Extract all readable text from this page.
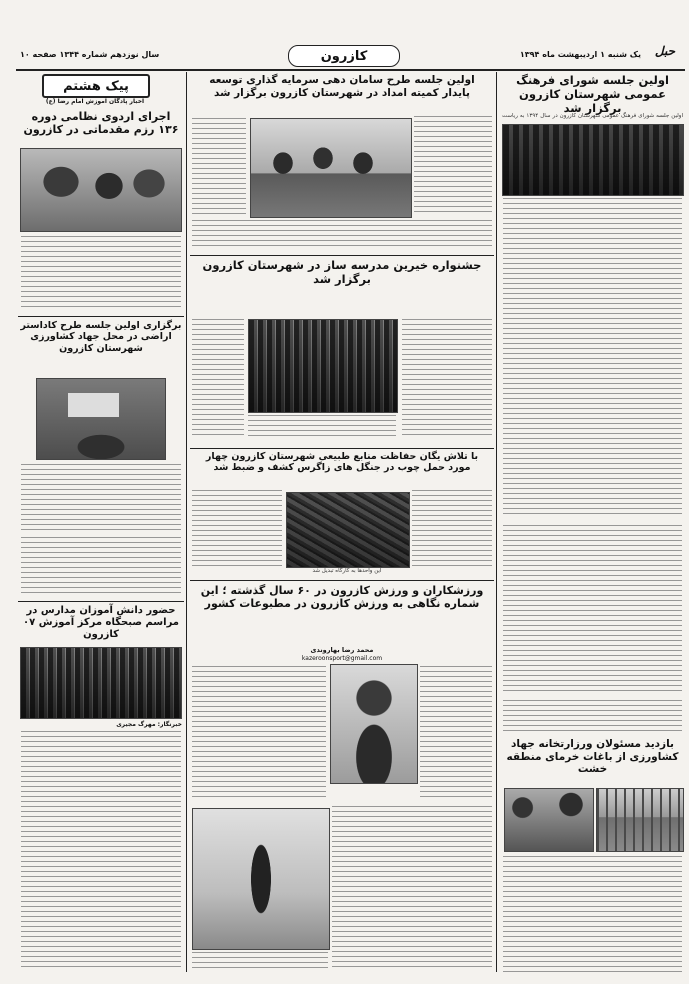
حبل
یک شنبه ۱ اردیبهشت ماه ۱۳۹۴
کازرون
سال نوزدهم شماره ۱۳۴۴ صفحه ۱۰
اولین جلسه شورای فرهنگ عمومی شهرستان کازرون برگزار شد
اولین جلسه شورای فرهنگ عمومی شهرستان کازرون در سال ۱۳۹۴ به ریاست
بازدید مسئولان ورزارتخانه جهاد کشاورزی از باغات خرمای منطقه خشت
اولین جلسه طرح سامان دهی سرمایه گذاری توسعه پایدار کمیته امداد در شهرستان کازرون برگزار شد
جشنواره خیرین مدرسه ساز در شهرستان کازرون برگزار شد
با تلاش یگان حفاظت منابع طبیعی شهرستان کازرون چهار مورد حمل چوب در جنگل های زاگرس کشف و ضبط شد
این واحدها به کارگاه تبدیل شد
ورزشکاران و ورزش کازرون در ۶۰ سال گذشته ؛ این شماره نگاهی به ورزش کازرون در مطبوعات کشور
محمد رضا بهاروندی
kazeroonsport@gmail.com
پیک هشتم
اخبار پادگان آموزش امام رضا (ع)
اجرای اردوی نظامی دوره ۱۳۶ رزم مقدماتی در کازرون
برگزاری اولین جلسه طرح کاداستر اراضی در محل جهاد کشاورزی شهرستان کازرون
حضور دانش آموزان مدارس در مراسم صبحگاه مرکز آموزش ۰۷ کازرون
خبرنگار: مهرگ مجیری
